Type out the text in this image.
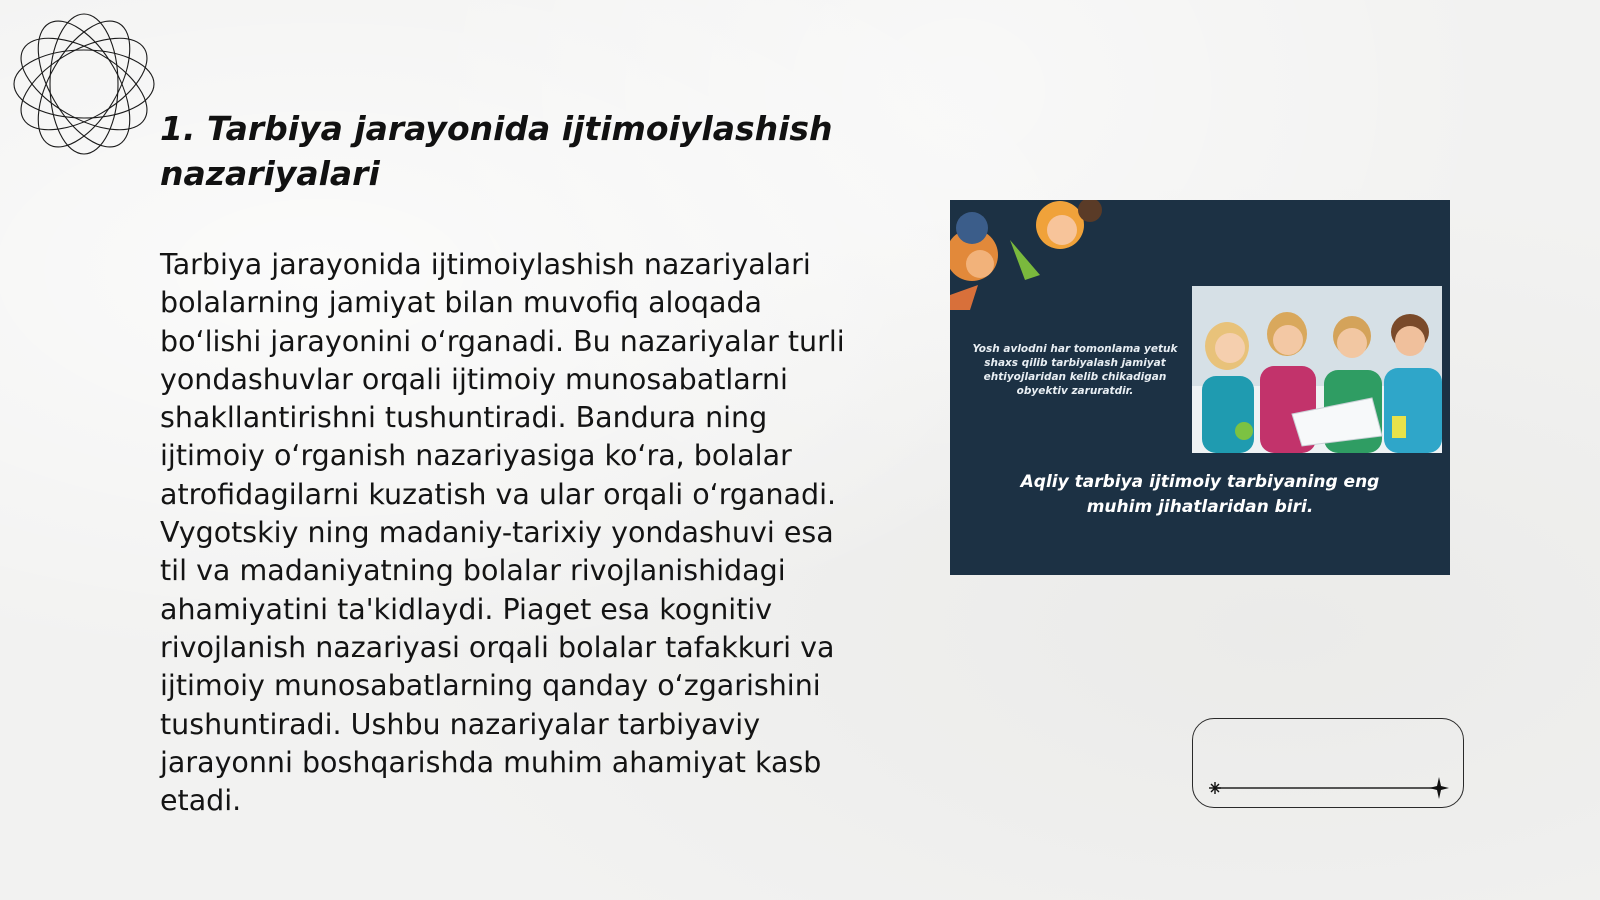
1. Tarbiya jarayonida ijtimoiylashish nazariyalari

Tarbiya jarayonida ijtimoiylashish nazariyalari bolalarning jamiyat bilan muvofiq aloqada boʻlishi jarayonini oʻrganadi. Bu nazariyalar turli yondashuvlar orqali ijtimoiy munosabatlarni shakllantirishni tushuntiradi. Bandura ning ijtimoiy oʻrganish nazariyasiga koʻra, bolalar atrofidagilarni kuzatish va ular orqali oʻrganadi. Vygotskiy ning madaniy-tarixiy yondashuvi esa til va madaniyatning bolalar rivojlanishidagi ahamiyatini ta'kidlaydi. Piaget esa kognitiv rivojlanish nazariyasi orqali bolalar tafakkuri va ijtimoiy munosabatlarning qanday oʻzgarishini tushuntiradi. Ushbu nazariyalar tarbiyaviy jarayonni boshqarishda muhim ahamiyat kasb etadi.

Yosh avlodni har tomonlama yetuk shaxs qilib tarbiyalash jamiyat ehtiyojlaridan kelib chikadigan obyektiv zaruratdir.
Aqliy tarbiya ijtimoiy tarbiyaning eng muhim jihatlaridan biri.
